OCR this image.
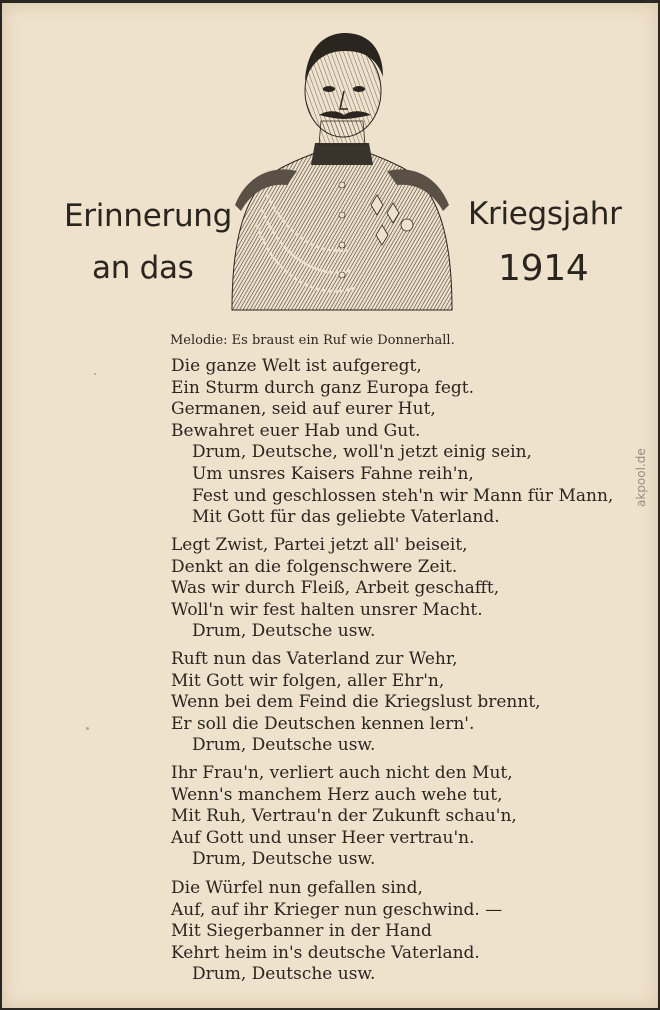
Erinnerung
an das
Kriegsjahr
1914
Melodie: Es braust ein Ruf wie Donnerhall.
Die ganze Welt ist aufgeregt,
Ein Sturm durch ganz Europa fegt.
Germanen, seid auf eurer Hut,
Bewahret euer Hab und Gut.
Drum, Deutsche, woll'n jetzt einig sein,
Um unsres Kaisers Fahne reih'n,
Fest und geschlossen steh'n wir Mann für Mann,
Mit Gott für das geliebte Vaterland.
Legt Zwist, Partei jetzt all' beiseit,
Denkt an die folgenschwere Zeit.
Was wir durch Fleiß, Arbeit geschafft,
Woll'n wir fest halten unsrer Macht.
Drum, Deutsche usw.
Ruft nun das Vaterland zur Wehr,
Mit Gott wir folgen, aller Ehr'n,
Wenn bei dem Feind die Kriegslust brennt,
Er soll die Deutschen kennen lern'.
Drum, Deutsche usw.
Ihr Frau'n, verliert auch nicht den Mut,
Wenn's manchem Herz auch wehe tut,
Mit Ruh, Vertrau'n der Zukunft schau'n,
Auf Gott und unser Heer vertrau'n.
Drum, Deutsche usw.
Die Würfel nun gefallen sind,
Auf, auf ihr Krieger nun geschwind. —
Mit Siegerbanner in der Hand
Kehrt heim in's deutsche Vaterland.
Drum, Deutsche usw.
akpool.de
